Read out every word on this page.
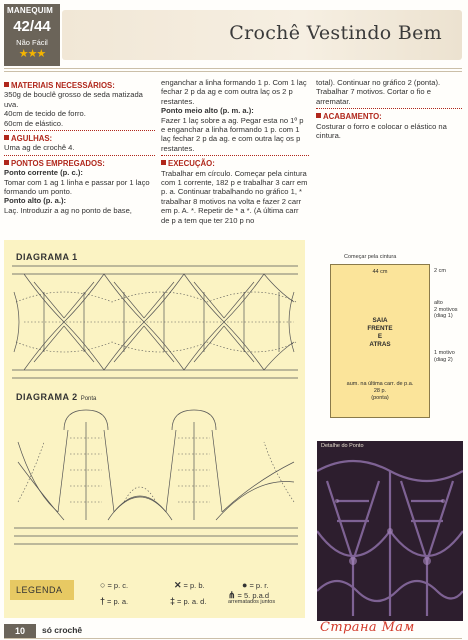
MANEQUIM
42/44
Não Fácil
★★★
Crochê Vestindo Bem
MATERIAIS NECESSÁRIOS:
350g de bouclê grosso de seda matizada uva.
40cm de tecido de forro.
60cm de elástico.
AGULHAS:
Uma ag de crochê 4.
PONTOS EMPREGADOS:
Ponto corrente (p. c.):
Tomar com 1 ag 1 linha e passar por 1 laço formando um ponto.
Ponto alto (p. a.):
Laç. Introduzir a ag no ponto de base,
enganchar a linha formando 1 p. Com 1 laç fechar 2 p da ag e com outra laç os 2 p restantes.
Ponto meio alto (p. m. a.):
Fazer 1 laç sobre a ag. Pegar esta no 1º p e enganchar a linha formando 1 p. com 1 laç fechar 2 p da ag. e com outra laç os p restantes.
EXECUÇÃO:
Trabalhar em círculo. Começar pela cintura com 1 corrente, 182 p e trabalhar 3 carr em p. a. Continuar trabalhando no gráfico 1, * trabalhar 8 motivos na volta e fazer 2 carr em p. A. *. Repetir de * a *. (A última carr de p a tem que ter 210 p no
total). Continuar no gráfico 2 (ponta). Trabalhar 7 motivos. Cortar o fio e arrematar.
ACABAMENTO:
Costurar o forro e colocar o elástico na cintura.
DIAGRAMA 1
DIAGRAMA 2 Ponta
LEGENDA	○ = p. c.	✕ = p. b.	● = p. r.
† = p. a.	‡ = p. a. d.
⋔ = 5. p.a.d
arrematados juntos
Começar pela cintura
44 cm
SAIA
FRENTE
E
ATRAS
aum. na última carr. de p.a.
28 p.
(ponta)
2 cm
alto
2 motivos
(diag 1)
1 motivo
(diag 2)
Detalhe do Ponto
10	só crochê	Страна Мам
